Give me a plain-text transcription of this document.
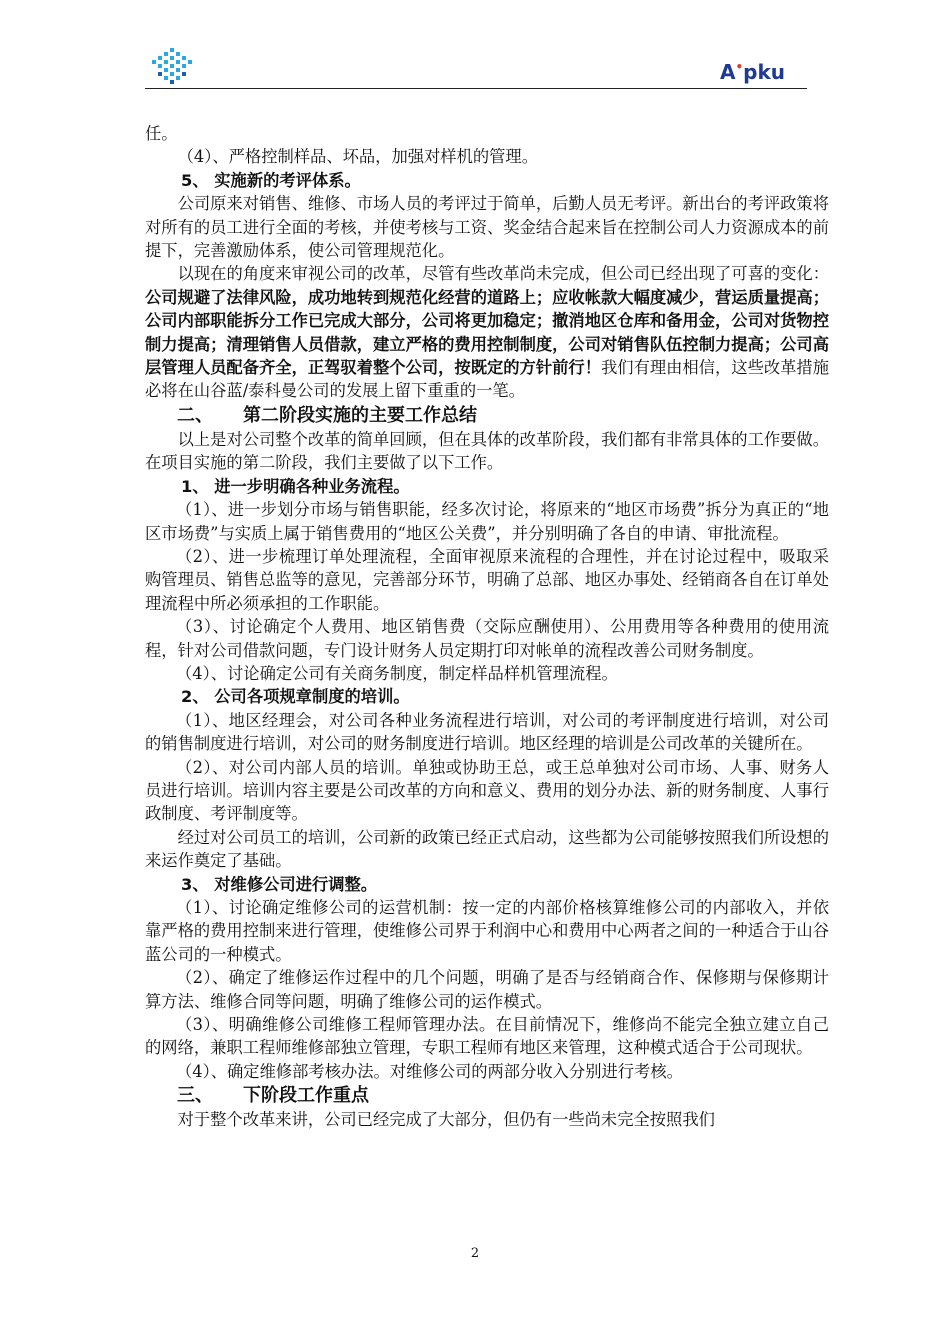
A•pku

任。

（4）、严格控制样品、坏品，加强对样机的管理。

5、 实施新的考评体系。

公司原来对销售、维修、市场人员的考评过于简单，后勤人员无考评。新出台的考评政策将对所有的员工进行全面的考核，并使考核与工资、奖金结合起来旨在控制公司人力资源成本的前提下，完善激励体系，使公司管理规范化。

以现在的角度来审视公司的改革，尽管有些改革尚未完成，但公司已经出现了可喜的变化：公司规避了法律风险，成功地转到规范化经营的道路上；应收帐款大幅度减少，营运质量提高；公司内部职能拆分工作已完成大部分，公司将更加稳定；撤消地区仓库和备用金，公司对货物控制力提高；清理销售人员借款，建立严格的费用控制制度，公司对销售队伍控制力提高；公司高层管理人员配备齐全，正驾驭着整个公司，按既定的方针前行！我们有理由相信，这些改革措施必将在山谷蓝/泰科曼公司的发展上留下重重的一笔。

二、 第二阶段实施的主要工作总结

以上是对公司整个改革的简单回顾，但在具体的改革阶段，我们都有非常具体的工作要做。在项目实施的第二阶段，我们主要做了以下工作。

1、 进一步明确各种业务流程。

（1）、进一步划分市场与销售职能，经多次讨论，将原来的“地区市场费”拆分为真正的“地区市场费”与实质上属于销售费用的“地区公关费”，并分别明确了各自的申请、审批流程。

（2）、进一步梳理订单处理流程，全面审视原来流程的合理性，并在讨论过程中，吸取采购管理员、销售总监等的意见，完善部分环节，明确了总部、地区办事处、经销商各自在订单处理流程中所必须承担的工作职能。

（3）、讨论确定个人费用、地区销售费（交际应酬使用）、公用费用等各种费用的使用流程，针对公司借款问题，专门设计财务人员定期打印对帐单的流程改善公司财务制度。

（4）、讨论确定公司有关商务制度，制定样品样机管理流程。

2、 公司各项规章制度的培训。

（1）、地区经理会，对公司各种业务流程进行培训，对公司的考评制度进行培训，对公司的销售制度进行培训，对公司的财务制度进行培训。地区经理的培训是公司改革的关键所在。

（2）、对公司内部人员的培训。单独或协助王总，或王总单独对公司市场、人事、财务人员进行培训。培训内容主要是公司改革的方向和意义、费用的划分办法、新的财务制度、人事行政制度、考评制度等。

经过对公司员工的培训，公司新的政策已经正式启动，这些都为公司能够按照我们所设想的来运作奠定了基础。

3、 对维修公司进行调整。

（1）、讨论确定维修公司的运营机制：按一定的内部价格核算维修公司的内部收入，并依靠严格的费用控制来进行管理，使维修公司界于利润中心和费用中心两者之间的一种适合于山谷蓝公司的一种模式。

（2）、确定了维修运作过程中的几个问题，明确了是否与经销商合作、保修期与保修期计算方法、维修合同等问题，明确了维修公司的运作模式。

（3）、明确维修公司维修工程师管理办法。在目前情况下，维修尚不能完全独立建立自己的网络，兼职工程师维修部独立管理，专职工程师有地区来管理，这种模式适合于公司现状。

（4）、确定维修部考核办法。对维修公司的两部分收入分别进行考核。

三、 下阶段工作重点

对于整个改革来讲，公司已经完成了大部分，但仍有一些尚未完全按照我们

2
